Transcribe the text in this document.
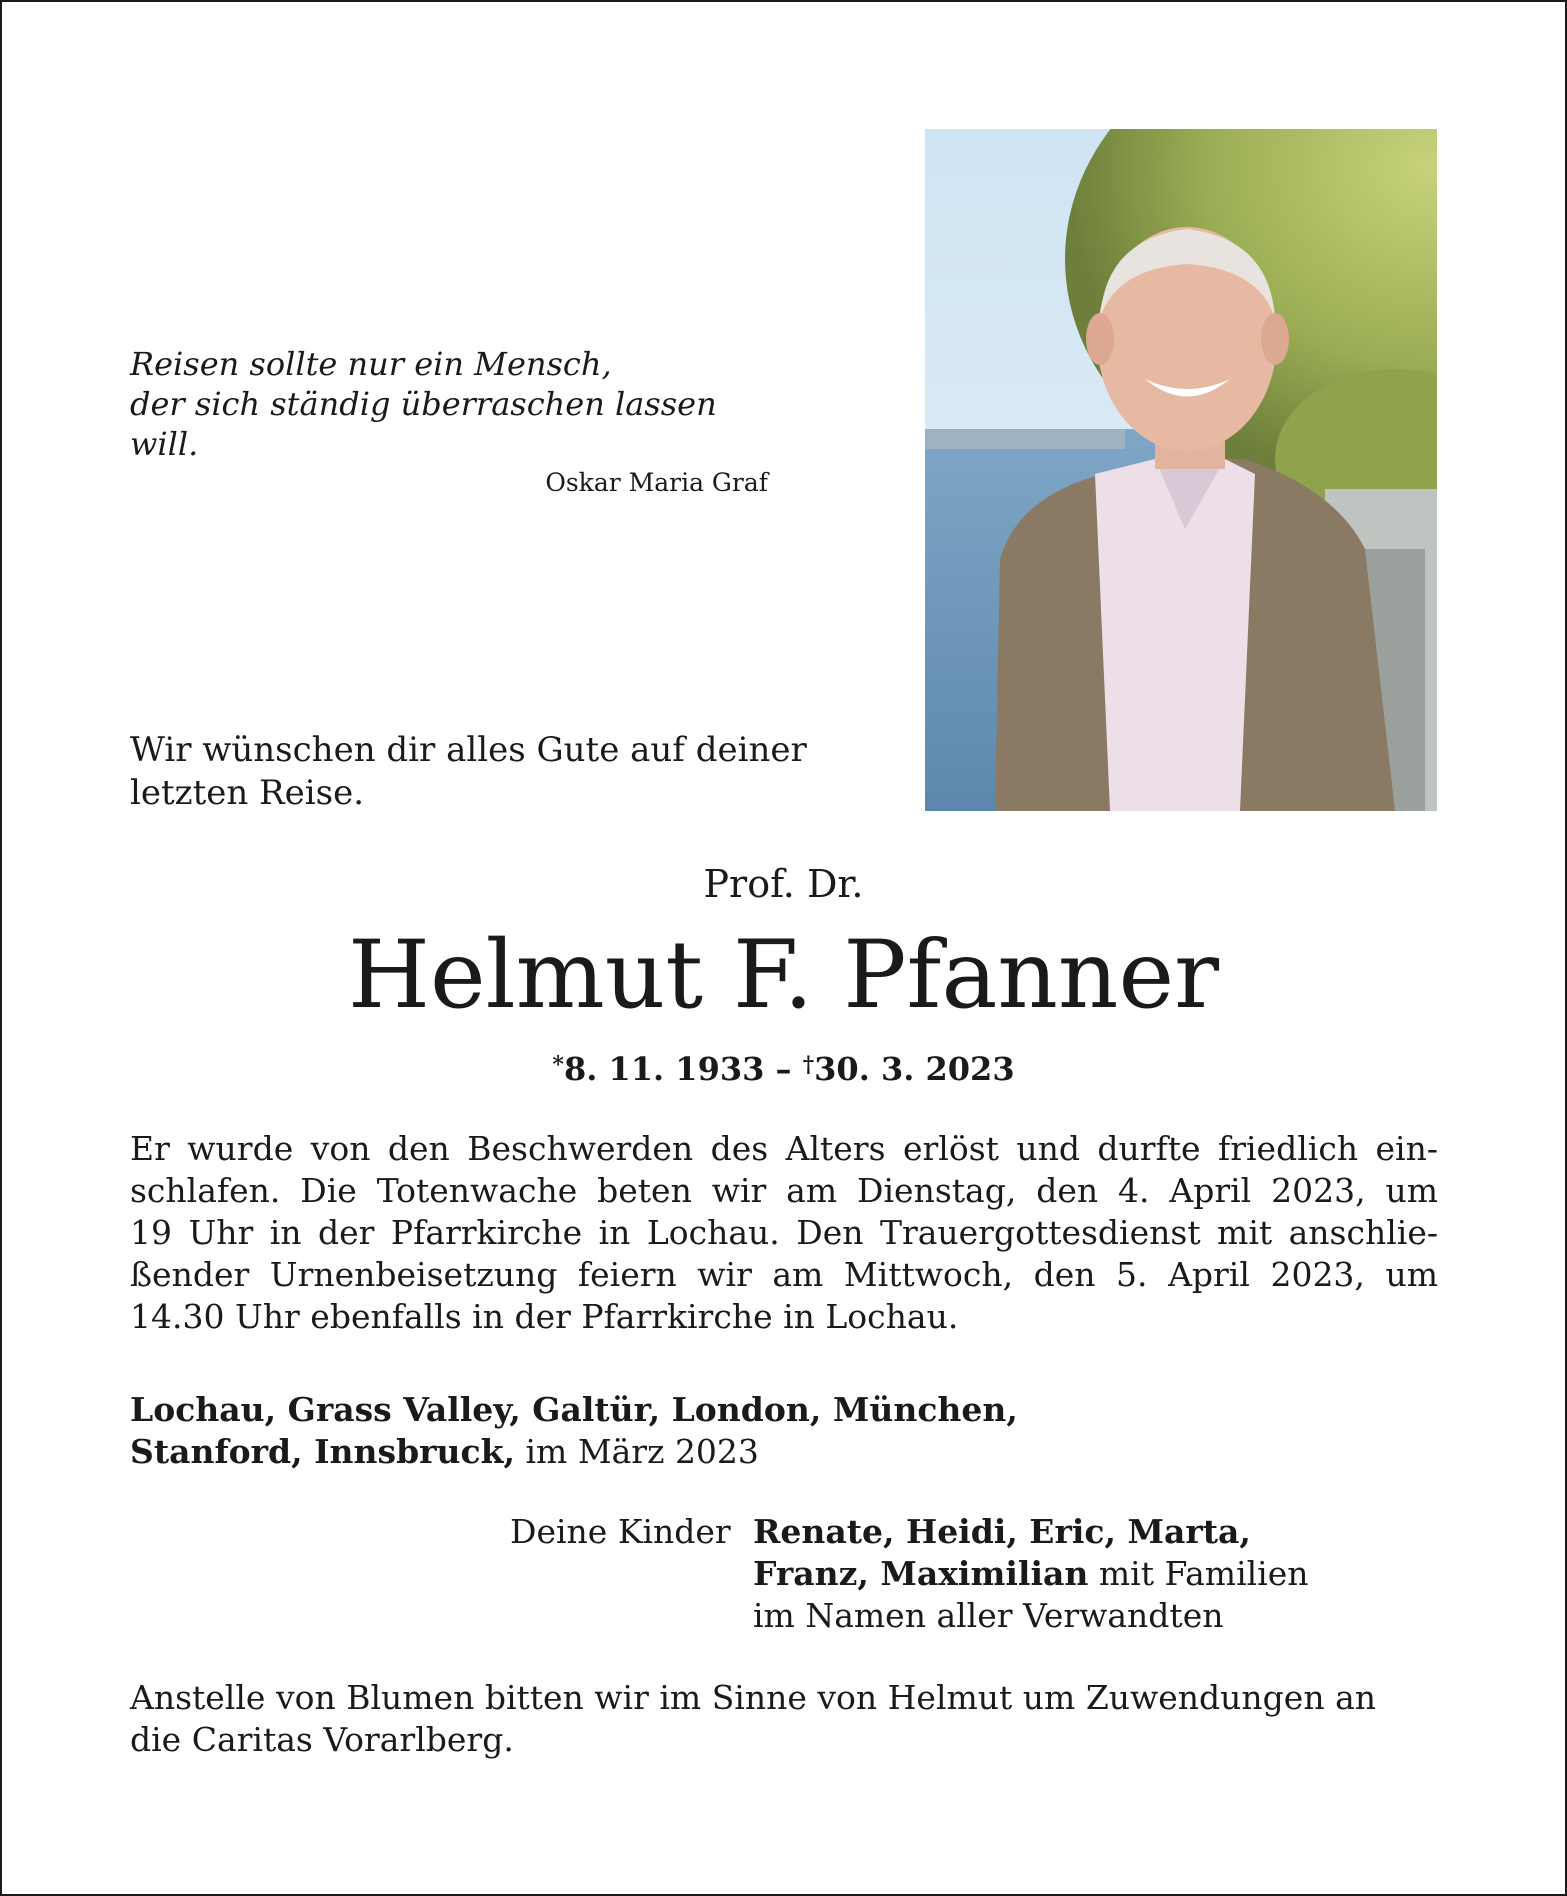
Reisen sollte nur ein Mensch,
der sich ständig überraschen lassen will.
Oskar Maria Graf
Wir wünschen dir alles Gute auf deiner
letzten Reise.
Prof. Dr.
Helmut F. Pfanner
*8. 11. 1933 – †30. 3. 2023
Er wurde von den Beschwerden des Alters erlöst und durfte friedlich ein-
schlafen. Die Totenwache beten wir am Dienstag, den 4. April 2023, um
19 Uhr in der Pfarrkirche in Lochau. Den Trauergottesdienst mit anschlie-
ßender Urnenbeisetzung feiern wir am Mittwoch, den 5. April 2023, um
14.30 Uhr ebenfalls in der Pfarrkirche in Lochau.
Lochau, Grass Valley, Galtür, London, München,
Stanford, Innsbruck, im März 2023
Deine Kinder Renate, Heidi, Eric, Marta,
Franz, Maximilian mit Familien
im Namen aller Verwandten
Anstelle von Blumen bitten wir im Sinne von Helmut um Zuwendungen an
die Caritas Vorarlberg.
